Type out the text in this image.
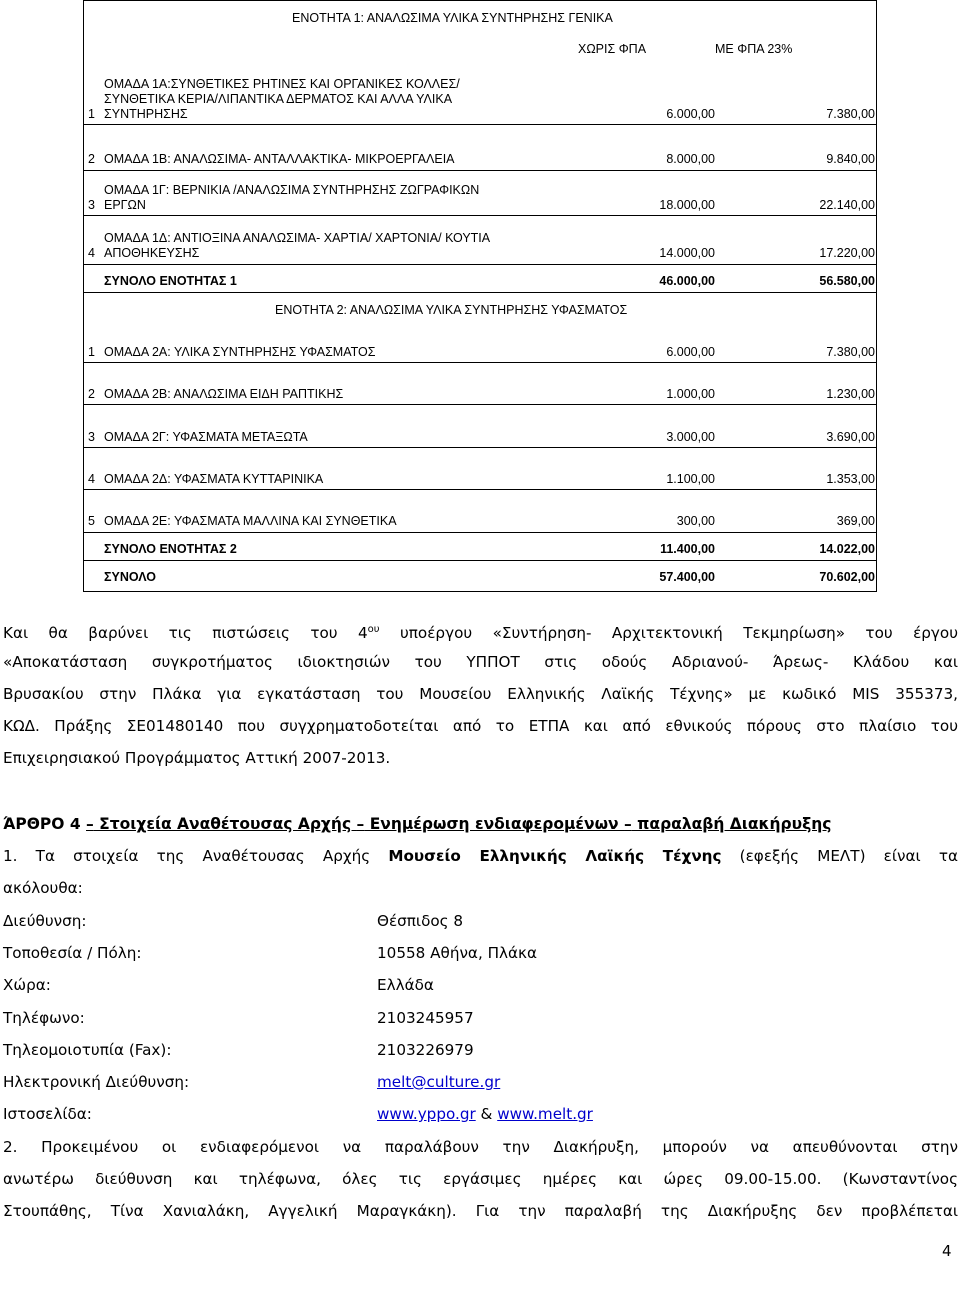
ΕΝΟΤΗΤΑ 1: ΑΝΑΛΩΣΙΜΑ ΥΛΙΚΑ ΣΥΝΤΗΡΗΣΗΣ ΓΕΝΙΚΑ
ΧΩΡΙΣ ΦΠΑ	ΜΕ ΦΠΑ 23%
1
ΟΜΑΔΑ 1Α:ΣΥΝΘΕΤΙΚΕΣ ΡΗΤΙΝΕΣ ΚΑΙ ΟΡΓΑΝΙΚΕΣ ΚΟΛΛΕΣ/
ΣΥΝΘΕΤΙΚΑ ΚΕΡΙΑ/ΛΙΠΑΝΤΙΚΑ ΔΕΡΜΑΤΟΣ ΚΑΙ ΑΛΛΑ ΥΛΙΚΑ
ΣΥΝΤΗΡΗΣΗΣ	6.000,00	7.380,00
2 ΟΜΑΔΑ 1Β: ΑΝΑΛΩΣΙΜΑ- ΑΝΤΑΛΛΑΚΤΙΚΑ- ΜΙΚΡΟΕΡΓΑΛΕΙΑ	8.000,00	9.840,00
3
ΟΜΑΔΑ 1Γ: ΒΕΡΝΙΚΙΑ /ΑΝΑΛΩΣΙΜΑ ΣΥΝΤΗΡΗΣΗΣ ΖΩΓΡΑΦΙΚΩΝ
ΕΡΓΩΝ	18.000,00	22.140,00
4
ΟΜΑΔΑ 1Δ: ΑΝΤΙΟΞΙΝΑ ΑΝΑΛΩΣΙΜΑ- ΧΑΡΤΙΑ/ ΧΑΡΤΟΝΙΑ/ ΚΟΥΤΙΑ
ΑΠΟΘΗΚΕΥΣΗΣ	14.000,00	17.220,00
ΣΥΝΟΛΟ ΕΝΟΤΗΤΑΣ 1	46.000,00	56.580,00
ΕΝΟΤΗΤΑ 2: ΑΝΑΛΩΣΙΜΑ ΥΛΙΚΑ ΣΥΝΤΗΡΗΣΗΣ ΥΦΑΣΜΑΤΟΣ
1 ΟΜΑΔΑ 2Α: ΥΛΙΚΑ ΣΥΝΤΗΡΗΣΗΣ ΥΦΑΣΜΑΤΟΣ	6.000,00	7.380,00
2 ΟΜΑΔΑ 2Β: ΑΝΑΛΩΣΙΜΑ ΕΙΔΗ ΡΑΠΤΙΚΗΣ	1.000,00	1.230,00
3 ΟΜΑΔΑ 2Γ: ΥΦΑΣΜΑΤΑ ΜΕΤΑΞΩΤΑ	3.000,00	3.690,00
4 ΟΜΑΔΑ 2Δ: ΥΦΑΣΜΑΤΑ ΚΥΤΤΑΡΙΝΙΚΑ	1.100,00	1.353,00
5 ΟΜΑΔΑ 2Ε: ΥΦΑΣΜΑΤΑ ΜΑΛΛΙΝΑ ΚΑΙ ΣΥΝΘΕΤΙΚΑ	300,00	369,00
ΣΥΝΟΛΟ ΕΝΟΤΗΤΑΣ 2	11.400,00	14.022,00
ΣΥΝΟΛΟ	57.400,00	70.602,00
Και θα βαρύνει τις πιστώσεις του $4^{o\upsilon}$ υποέργου «Συντήρηση- Αρχιτεκτονική Τεκμηρίωση» του έργου
«Αποκατάσταση συγκροτήματος ιδιοκτησιών του ΥΠΠΟΤ στις οδούς Αδριανού- Άρεως- Κλάδου και
Βρυσακίου στην Πλάκα για εγκατάσταση του Μουσείου Ελληνικής Λαϊκής Τέχνης» με κωδικό MIS 355373,
ΚΩΔ. Πράξης ΣΕ01480140 που συγχρηματοδοτείται από το ΕΤΠΑ και από εθνικούς πόρους στο πλαίσιο του
Επιχειρησιακού Προγράμματος Αττική 2007-2013.
ΆΡΘΡΟ 4 – Στοιχεία Αναθέτουσας Αρχής – Ενημέρωση ενδιαφερομένων – παραλαβή Διακήρυξης
1. Τα στοιχεία της Αναθέτουσας Αρχής Μουσείο Ελληνικής Λαϊκής Τέχνης (εφεξής ΜΕΛΤ) είναι τα
ακόλουθα:
Διεύθυνση:	Θέσπιδος 8
Τοποθεσία / Πόλη:	10558 Αθήνα, Πλάκα
Χώρα:	Ελλάδα
Τηλέφωνο:	2103245957
Τηλεομοιοτυπία (Fax):	2103226979
Ηλεκτρονική Διεύθυνση:	melt@culture.gr
Ιστοσελίδα:	www.yppo.gr & www.melt.gr
2. Προκειμένου οι ενδιαφερόμενοι να παραλάβουν την Διακήρυξη, μπορούν να απευθύνονται στην
ανωτέρω διεύθυνση και τηλέφωνα, όλες τις εργάσιμες ημέρες και ώρες 09.00-15.00. (Κωνσταντίνος
Στουπάθης, Τίνα Χανιαλάκη, Αγγελική Μαραγκάκη). Για την παραλαβή της Διακήρυξης δεν προβλέπεται
4
